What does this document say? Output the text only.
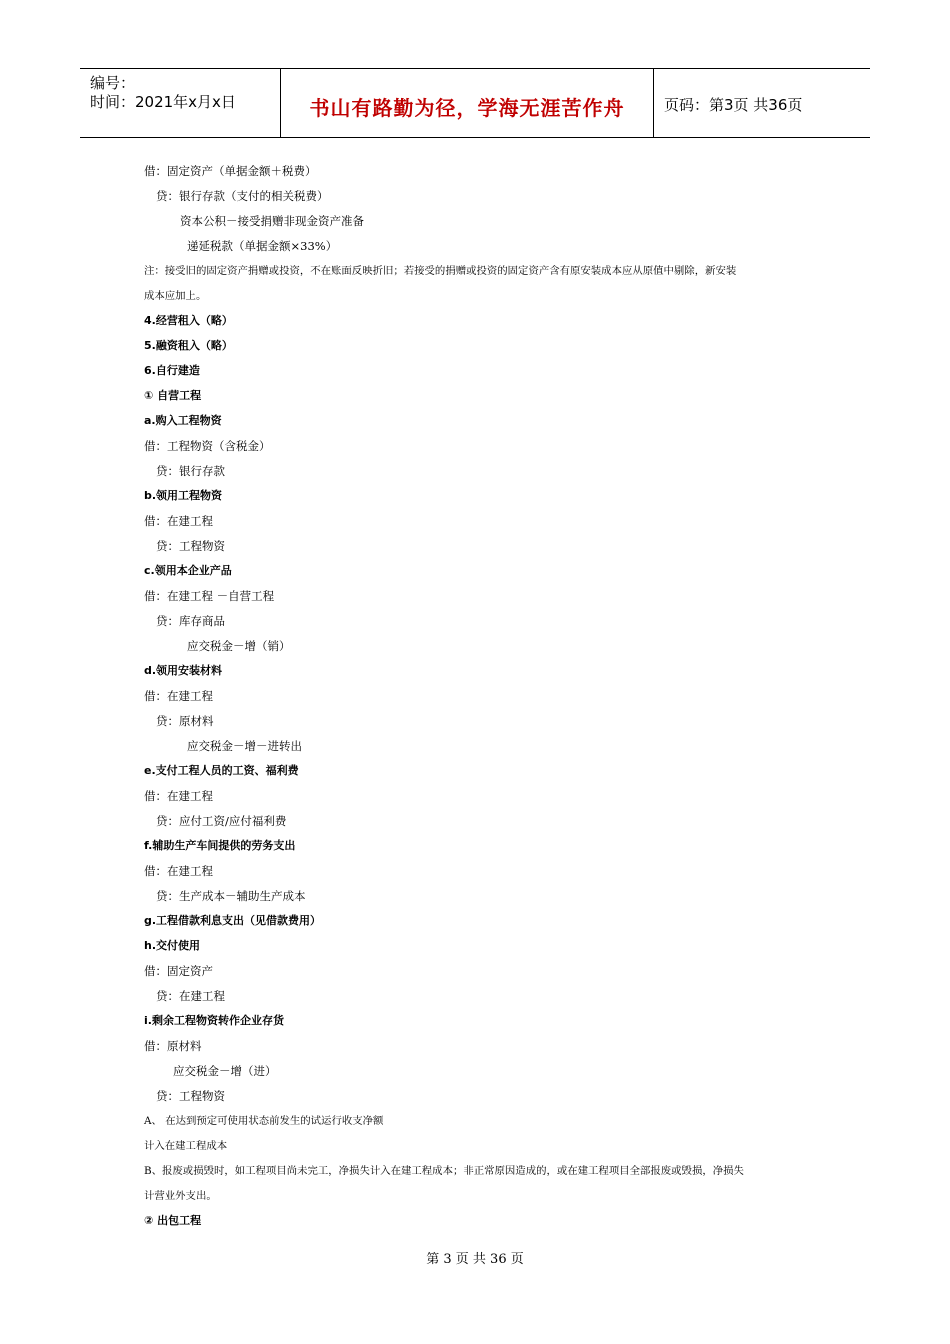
编号：
时间：2021年x月x日	书山有路勤为径，学海无涯苦作舟	页码：第3页 共36页
借：固定资产（单据金额＋税费）
贷：银行存款（支付的相关税费）
资本公积－接受捐赠非现金资产准备
递延税款（单据金额×33%）
注：接受旧的固定资产捐赠或投资，不在账面反映折旧；若接受的捐赠或投资的固定资产含有原安装成本应从原值中剔除，新安装
成本应加上。
4.经营租入（略）
5.融资租入（略）
6.自行建造
① 自营工程
a.购入工程物资
借：工程物资（含税金）
贷：银行存款
b.领用工程物资
借：在建工程
贷：工程物资
c.领用本企业产品
借：在建工程 －自营工程
贷：库存商品
应交税金－增（销）
d.领用安装材料
借：在建工程
贷：原材料
应交税金－增－进转出
e.支付工程人员的工资、福利费
借：在建工程
贷：应付工资/应付福利费
f.辅助生产车间提供的劳务支出
借：在建工程
贷：生产成本－辅助生产成本
g.工程借款利息支出（见借款费用）
h.交付使用
借：固定资产
贷：在建工程
i.剩余工程物资转作企业存货
借：原材料
应交税金－增（进）
贷：工程物资
A、 在达到预定可使用状态前发生的试运行收支净额
计入在建工程成本
B、报废或损毁时，如工程项目尚未完工，净损失计入在建工程成本；非正常原因造成的，或在建工程项目全部报废或毁损，净损失
计营业外支出。
② 出包工程
第 3 页 共 36 页
